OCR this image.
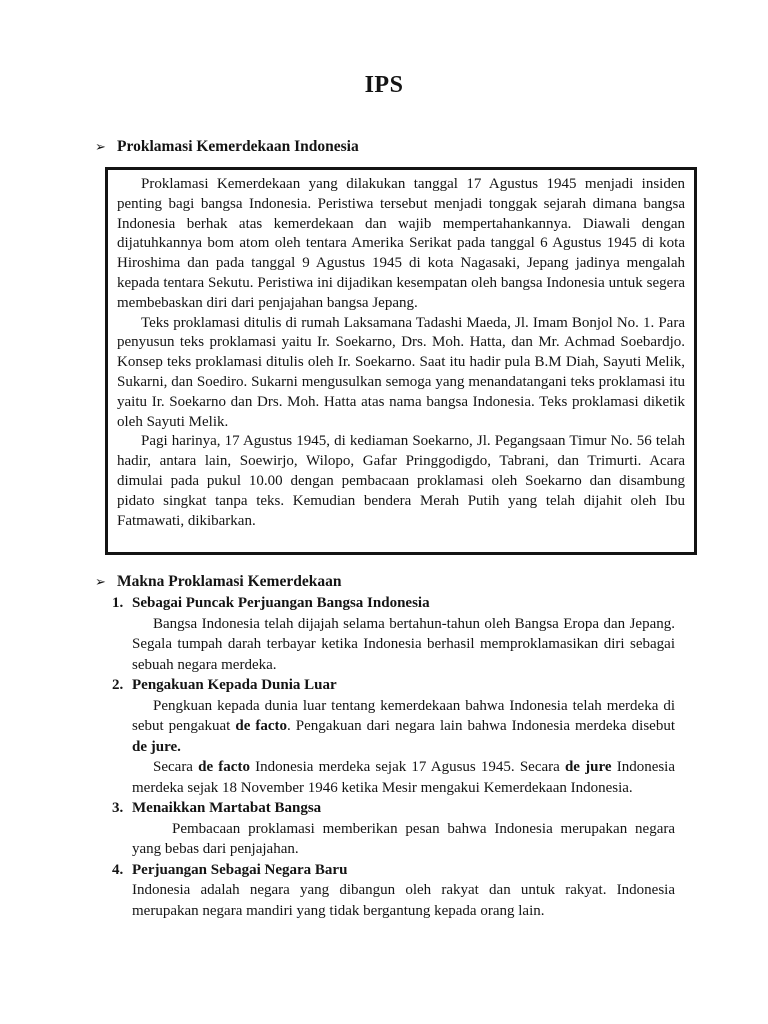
IPS
➢ Proklamasi Kemerdekaan Indonesia

Proklamasi Kemerdekaan yang dilakukan tanggal 17 Agustus 1945 menjadi insiden penting bagi bangsa Indonesia. Peristiwa tersebut menjadi tonggak sejarah dimana bangsa Indonesia berhak atas kemerdekaan dan wajib mempertahankannya. Diawali dengan dijatuhkannya bom atom oleh tentara Amerika Serikat pada tanggal 6 Agustus 1945 di kota Hiroshima dan pada tanggal 9 Agustus 1945 di kota Nagasaki, Jepang jadinya mengalah kepada tentara Sekutu. Peristiwa ini dijadikan kesempatan oleh bangsa Indonesia untuk segera membebaskan diri dari penjajahan bangsa Jepang.

Teks proklamasi ditulis di rumah Laksamana Tadashi Maeda, Jl. Imam Bonjol No. 1. Para penyusun teks proklamasi yaitu Ir. Soekarno, Drs. Moh. Hatta, dan Mr. Achmad Soebardjo. Konsep teks proklamasi ditulis oleh Ir. Soekarno. Saat itu hadir pula B.M Diah, Sayuti Melik, Sukarni, dan Soediro. Sukarni mengusulkan semoga yang menandatangani teks proklamasi itu yaitu Ir. Soekarno dan Drs. Moh. Hatta atas nama bangsa Indonesia. Teks proklamasi diketik oleh Sayuti Melik.

Pagi harinya, 17 Agustus 1945, di kediaman Soekarno, Jl. Pegangsaan Timur No. 56 telah hadir, antara lain, Soewirjo, Wilopo, Gafar Pringgodigdo, Tabrani, dan Trimurti. Acara dimulai pada pukul 10.00 dengan pembacaan proklamasi oleh Soekarno dan disambung pidato singkat tanpa teks. Kemudian bendera Merah Putih yang telah dijahit oleh Ibu Fatmawati, dikibarkan.

➢ Makna Proklamasi Kemerdekaan
1. Sebagai Puncak Perjuangan Bangsa Indonesia

Bangsa Indonesia telah dijajah selama bertahun-tahun oleh Bangsa Eropa dan Jepang. Segala tumpah darah terbayar ketika Indonesia berhasil memproklamasikan diri sebagai sebuah negara merdeka.

2. Pengakuan Kepada Dunia Luar

Pengkuan kepada dunia luar tentang kemerdekaan bahwa Indonesia telah merdeka di sebut pengakuat de facto. Pengakuan dari negara lain bahwa Indonesia merdeka disebut de jure.

Secara de facto Indonesia merdeka sejak 17 Agusus 1945. Secara de jure Indonesia merdeka sejak 18 November 1946 ketika Mesir mengakui Kemerdekaan Indonesia.

3. Menaikkan Martabat Bangsa

Pembacaan proklamasi memberikan pesan bahwa Indonesia merupakan negara yang bebas dari penjajahan.

4. Perjuangan Sebagai Negara Baru

Indonesia adalah negara yang dibangun oleh rakyat dan untuk rakyat. Indonesia merupakan negara mandiri yang tidak bergantung kepada orang lain.
